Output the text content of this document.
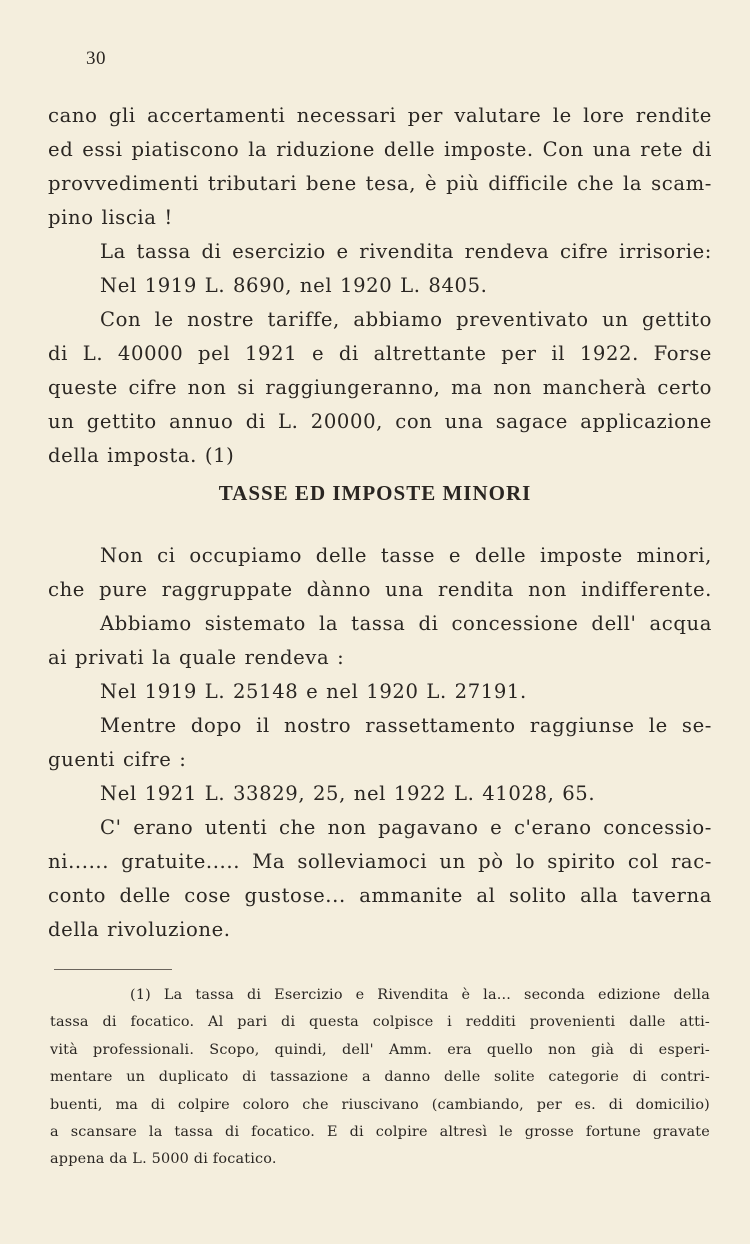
30
cano gli accertamenti necessari per valutare le lore rendite
ed essi piatiscono la riduzione delle imposte. Con una rete di
provvedimenti tributari bene tesa, è più difficile che la scam-
pino liscia !
La tassa di esercizio e rivendita rendeva cifre irrisorie:
Nel 1919 L. 8690, nel 1920 L. 8405.
Con le nostre tariffe, abbiamo preventivato un gettito
di L. 40000 pel 1921 e di altrettante per il 1922. Forse
queste cifre non si raggiungeranno, ma non mancherà certo
un gettito annuo di L. 20000, con una sagace applicazione
della imposta. (1)
TASSE ED IMPOSTE MINORI
Non ci occupiamo delle tasse e delle imposte minori,
che pure raggruppate dànno una rendita non indifferente.
Abbiamo sistemato la tassa di concessione dell' acqua
ai privati la quale rendeva :
Nel 1919 L. 25148 e nel 1920 L. 27191.
Mentre dopo il nostro rassettamento raggiunse le se-
guenti cifre :
Nel 1921 L. 33829, 25, nel 1922 L. 41028, 65.
C' erano utenti che non pagavano e c'erano concessio-
ni...... gratuite..... Ma solleviamoci un pò lo spirito col rac-
conto delle cose gustose... ammanite al solito alla taverna
della rivoluzione.
(1) La tassa di Esercizio e Rivendita è la... seconda edizione della
tassa di focatico. Al pari di questa colpisce i redditi provenienti dalle atti-
vità professionali. Scopo, quindi, dell' Amm. era quello non già di esperi-
mentare un duplicato di tassazione a danno delle solite categorie di contri-
buenti, ma di colpire coloro che riuscivano (cambiando, per es. di domicilio)
a scansare la tassa di focatico. E di colpire altresì le grosse fortune gravate
appena da L. 5000 di focatico.
